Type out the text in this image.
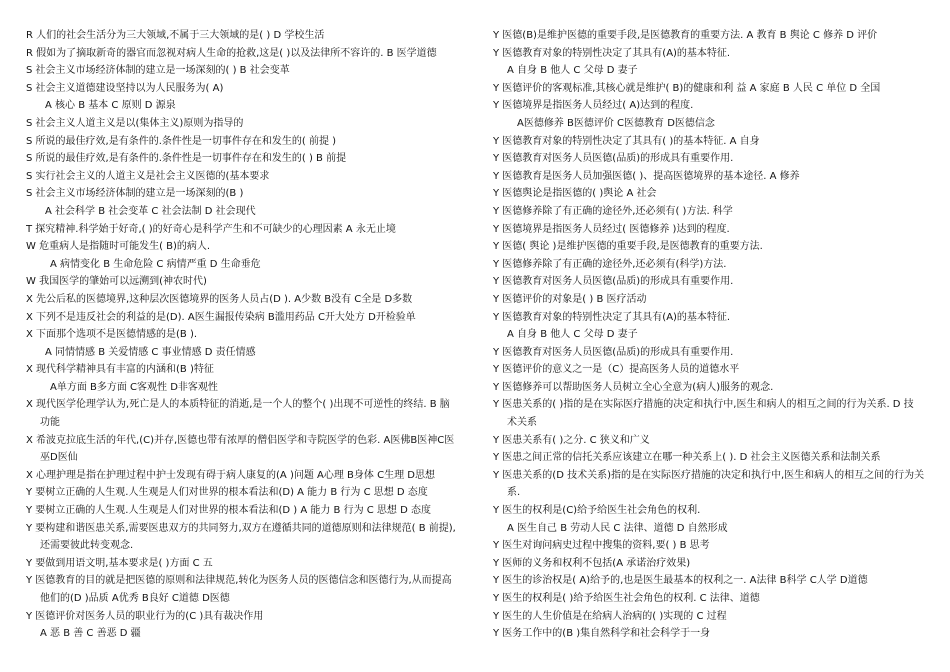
R 人们的社会生活分为三大领域,不属于三大领域的是( ) D 学校生活
R 假如为了摘取新奇的器官而忽视对病人生命的抢救,这是( )以及法律所不容许的. B 医学道德
S 社会主义市场经济体制的建立是一场深刻的( ) B 社会变革
S 社会主义道德建设坚持以为人民服务为( A)
A 核心 B 基本 C 原则 D 源泉
S 社会主义人道主义是以(集体主义)原则为指导的
S 所说的最佳疗效,是有条件的.条件性是一切事件存在和发生的( 前提 )
S 所说的最佳疗效,是有条件的.条件性是一切事件存在和发生的( ) B 前提
S 实行社会主义的人道主义是社会主义医德的(基本要求
S 社会主义市场经济体制的建立是一场深刻的(B )
A 社会科学 B 社会变革 C 社会法制 D 社会现代
T 探究精神.科学始于好奇,( )的好奇心是科学产生和不可缺少的心理因素 A 永无止境
W 危重病人是指随时可能发生( B)的病人.
A 病情变化 B 生命危险 C 病情严重 D 生命垂危
W 我国医学的肇始可以远溯到(神农时代)
X 先公后私的医德境界,这种层次医德境界的医务人员占(D ). A少数 B没有 C全是 D多数
X 下列不是违反社会的利益的是(D). A医生漏报传染病 B滥用药品 C开大处方 D开检验单
X 下面那个选项不是医德情感的是(B ).
A 同情情感 B 关爱情感 C 事业情感 D 责任情感
X 现代科学精神具有丰富的内涵和(B )特征
A单方面 B多方面 C客观性 D非客观性
X 现代医学伦理学认为,死亡是人的本质特征的消逝,是一个人的整个( )出现不可逆性的终结. B 脑
功能
X 希波克拉底生活的年代,(C)并存,医德也带有浓厚的僧侣医学和寺院医学的色彩. A医佛B医神C医
巫D医仙
X 心理护理是指在护理过程中护士发现有碍于病人康复的(A )问题 A心理 B身体 C生理 D思想
Y 要树立正确的人生观.人生观是人们对世界的根本看法和(D) A 能力 B 行为 C 思想 D 态度
Y 要树立正确的人生观.人生观是人们对世界的根本看法和(D ) A 能力 B 行为 C 思想 D 态度
Y 要构建和谐医患关系,需要医患双方的共同努力,双方在遵循共同的道德原则和法律规范( B 前提),
还需要彼此转变观念.
Y 要做到用语文明,基本要求是( )方面 C 五
Y 医德教育的目的就是把医德的原则和法律规范,转化为医务人员的医德信念和医德行为,从而提高
他们的(D )品质 A优秀 B良好 C道德 D医德
Y 医德评价对医务人员的职业行为的(C )具有裁决作用
A 恶 B 善 C 善恶 D 疆
Y 医德(B)是维护医德的重要手段,是医德教育的重要方法. A 教育 B 舆论 C 修养 D 评价
Y 医德教育对象的特别性决定了其具有(A)的基本特征.
A 自身 B 他人 C 父母 D 妻子
Y 医德评价的客观标准,其核心就是维护( B)的健康和利 益 A 家庭 B 人民 C 单位 D 全国
Y 医德境界是指医务人员经过( A)达到的程度.
A医德修养 B医德评价 C医德教育 D医德信念
Y 医德教育对象的特别性决定了其具有( )的基本特征. A 自身
Y 医德教育对医务人员医德(品质)的形成具有重要作用.
Y 医德教育是医务人员加强医德( )、提高医德境界的基本途径. A 修养
Y 医德舆论是指医德的( )舆论 A 社会
Y 医德修养除了有正确的途径外,还必须有( )方法. 科学
Y 医德境界是指医务人员经过( 医德修养 )达到的程度.
Y 医德( 舆论 )是维护医德的重要手段,是医德教育的重要方法.
Y 医德修养除了有正确的途径外,还必须有(科学)方法.
Y 医德教育对医务人员医德(品质)的形成具有重要作用.
Y 医德评价的对象是( ) B 医疗活动
Y 医德教育对象的特别性决定了其具有(A)的基本特征.
A 自身 B 他人 C 父母 D 妻子
Y 医德教育对医务人员医德(品质)的形成具有重要作用.
Y 医德评价的意义之一是（C）提高医务人员的道德水平
Y 医德修养可以帮助医务人员树立全心全意为(病人)服务的观念.
Y 医患关系的( )指的是在实际医疗措施的决定和执行中,医生和病人的相互之间的行为关系. D 技
术关系
Y 医患关系有( )之分. C 狭义和广义
Y 医患之间正常的信托关系应该建立在哪一种关系上( ). D 社会主义医德关系和法制关系
Y 医患关系的(D 技术关系)指的是在实际医疗措施的决定和执行中,医生和病人的相互之间的行为关
系.
Y 医生的权利是(C)给予给医生社会角色的权利.
A 医生自己 B 劳动人民 C 法律、道德 D 自然形成
Y 医生对询问病史过程中搜集的资料,要( ) B 思考
Y 医师的义务和权利不包括(A 承诺治疗效果)
Y 医生的诊治权是( A)给予的,也是医生最基本的权利之一. A法律 B科学 C人学 D道德
Y 医生的权利是( )给予给医生社会角色的权利. C 法律、道德
Y 医生的人生价值是在给病人治病的( )实现的 C 过程
Y 医务工作中的(B )集自然科学和社会科学于一身
